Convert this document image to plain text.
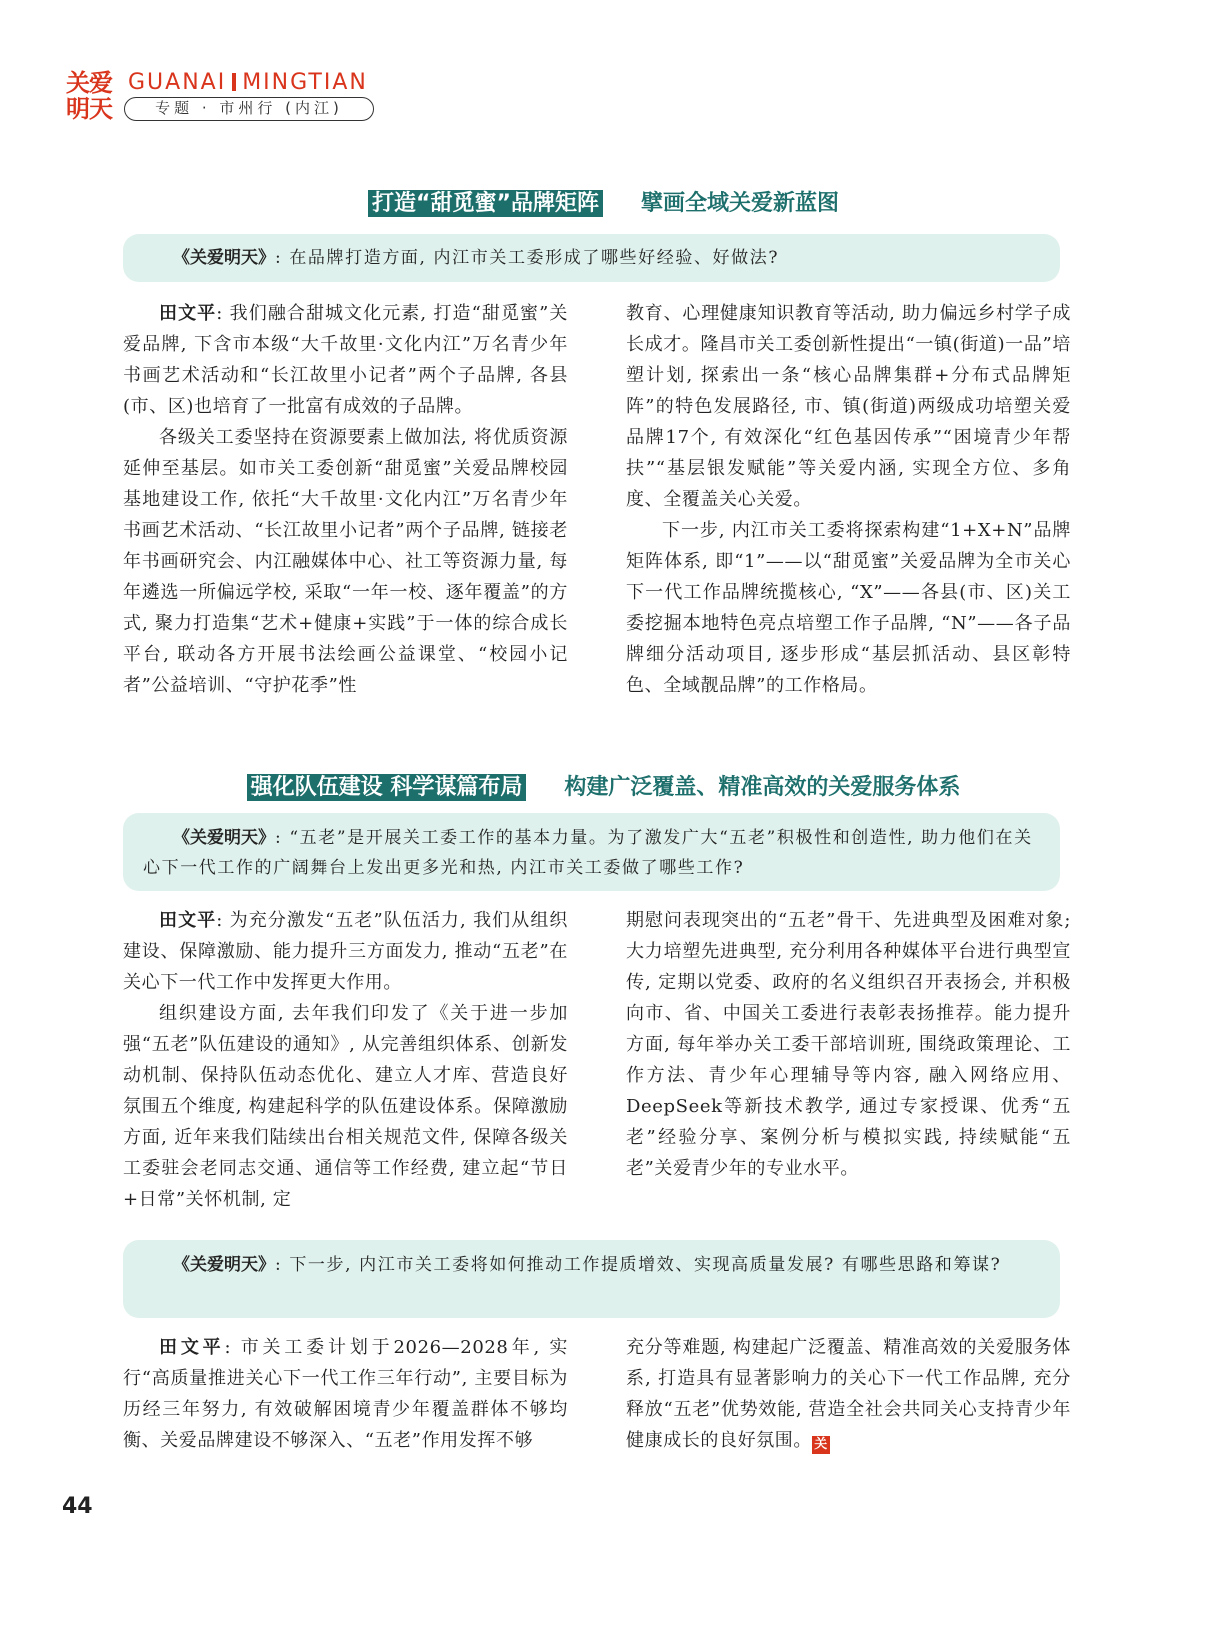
关爱
明天
GUANAI MINGTIAN
专题 · 市州行 (内江)
打造“甜觅蜜”品牌矩阵 擘画全域关爱新蓝图
《关爱明天》: 在品牌打造方面, 内江市关工委形成了哪些好经验、好做法?

田文平: 我们融合甜城文化元素, 打造“甜觅蜜”关爱品牌, 下含市本级“大千故里·文化内江”万名青少年书画艺术活动和“长江故里小记者”两个子品牌, 各县(市、区)也培育了一批富有成效的子品牌。

各级关工委坚持在资源要素上做加法, 将优质资源延伸至基层。如市关工委创新“甜觅蜜”关爱品牌校园基地建设工作, 依托“大千故里·文化内江”万名青少年书画艺术活动、“长江故里小记者”两个子品牌, 链接老年书画研究会、内江融媒体中心、社工等资源力量, 每年遴选一所偏远学校, 采取“一年一校、逐年覆盖”的方式, 聚力打造集“艺术+健康+实践”于一体的综合成长平台, 联动各方开展书法绘画公益课堂、“校园小记者”公益培训、“守护花季”性

教育、心理健康知识教育等活动, 助力偏远乡村学子成长成才。隆昌市关工委创新性提出“一镇(街道)一品”培塑计划, 探索出一条“核心品牌集群+分布式品牌矩阵”的特色发展路径, 市、镇(街道)两级成功培塑关爱品牌17个, 有效深化“红色基因传承”“困境青少年帮扶”“基层银发赋能”等关爱内涵, 实现全方位、多角度、全覆盖关心关爱。

下一步, 内江市关工委将探索构建“1+X+N”品牌矩阵体系, 即“1”——以“甜觅蜜”关爱品牌为全市关心下一代工作品牌统揽核心, “X”——各县(市、区)关工委挖掘本地特色亮点培塑工作子品牌, “N”——各子品牌细分活动项目, 逐步形成“基层抓活动、县区彰特色、全域靓品牌”的工作格局。

强化队伍建设 科学谋篇布局 构建广泛覆盖、精准高效的关爱服务体系
《关爱明天》: “五老”是开展关工委工作的基本力量。为了激发广大“五老”积极性和创造性, 助力他们在关心下一代工作的广阔舞台上发出更多光和热, 内江市关工委做了哪些工作?

田文平: 为充分激发“五老”队伍活力, 我们从组织建设、保障激励、能力提升三方面发力, 推动“五老”在关心下一代工作中发挥更大作用。

组织建设方面, 去年我们印发了《关于进一步加强“五老”队伍建设的通知》, 从完善组织体系、创新发动机制、保持队伍动态优化、建立人才库、营造良好氛围五个维度, 构建起科学的队伍建设体系。保障激励方面, 近年来我们陆续出台相关规范文件, 保障各级关工委驻会老同志交通、通信等工作经费, 建立起“节日+日常”关怀机制, 定

期慰问表现突出的“五老”骨干、先进典型及困难对象; 大力培塑先进典型, 充分利用各种媒体平台进行典型宣传, 定期以党委、政府的名义组织召开表扬会, 并积极向市、省、中国关工委进行表彰表扬推荐。能力提升方面, 每年举办关工委干部培训班, 围绕政策理论、工作方法、青少年心理辅导等内容, 融入网络应用、DeepSeek等新技术教学, 通过专家授课、优秀“五老”经验分享、案例分析与模拟实践, 持续赋能“五老”关爱青少年的专业水平。

《关爱明天》: 下一步, 内江市关工委将如何推动工作提质增效、实现高质量发展? 有哪些思路和筹谋?

田文平: 市关工委计划于2026—2028年, 实行“高质量推进关心下一代工作三年行动”, 主要目标为历经三年努力, 有效破解困境青少年覆盖群体不够均衡、关爱品牌建设不够深入、“五老”作用发挥不够

充分等难题, 构建起广泛覆盖、精准高效的关爱服务体系, 打造具有显著影响力的关心下一代工作品牌, 充分释放“五老”优势效能, 营造全社会共同关心支持青少年健康成长的良好氛围。 关

44
